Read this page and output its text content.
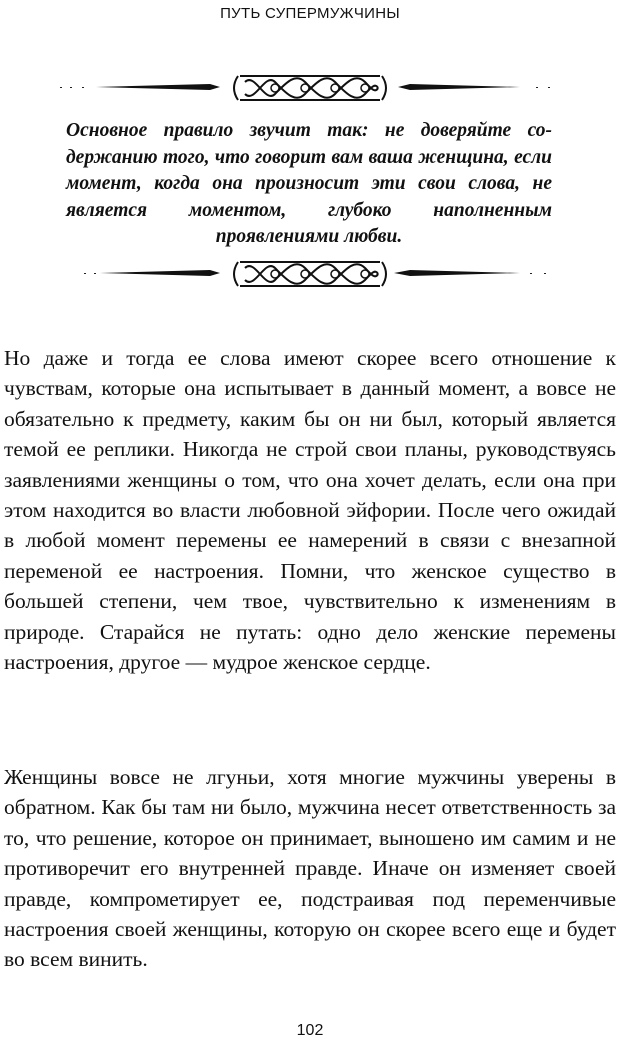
ПУТЬ СУПЕРМУЖЧИНЫ
Основное правило звучит так: не доверяйте содержанию того, что говорит вам ваша женщина, если момент, когда она произносит эти свои слова, не является моментом, глубоко наполненным проявлениями любви.
Но даже и тогда ее слова имеют скорее всего отношение к чувствам, которые она испытывает в данный момент, а вовсе не обязательно к предмету, каким бы он ни был, который является темой ее реплики. Никогда не строй свои планы, руководствуясь заявлениями женщины о том, что она хочет делать, если она при этом находится во власти любовной эйфории. После чего ожидай в любой момент перемены ее намерений в связи с внезапной переменой ее настроения. Помни, что женское существо в большей степени, чем твое, чувствительно к изменениям в природе. Старайся не путать: одно дело женские перемены настроения, другое — мудрое женское сердце.
Женщины вовсе не лгуньи, хотя многие мужчины уверены в обратном. Как бы там ни было, мужчина несет ответственность за то, что решение, которое он принимает, выношено им самим и не противоречит его внутренней правде. Иначе он изменяет своей правде, компрометирует ее, подстраивая под переменчивые настроения своей женщины, которую он скорее всего еще и будет во всем винить.
102
